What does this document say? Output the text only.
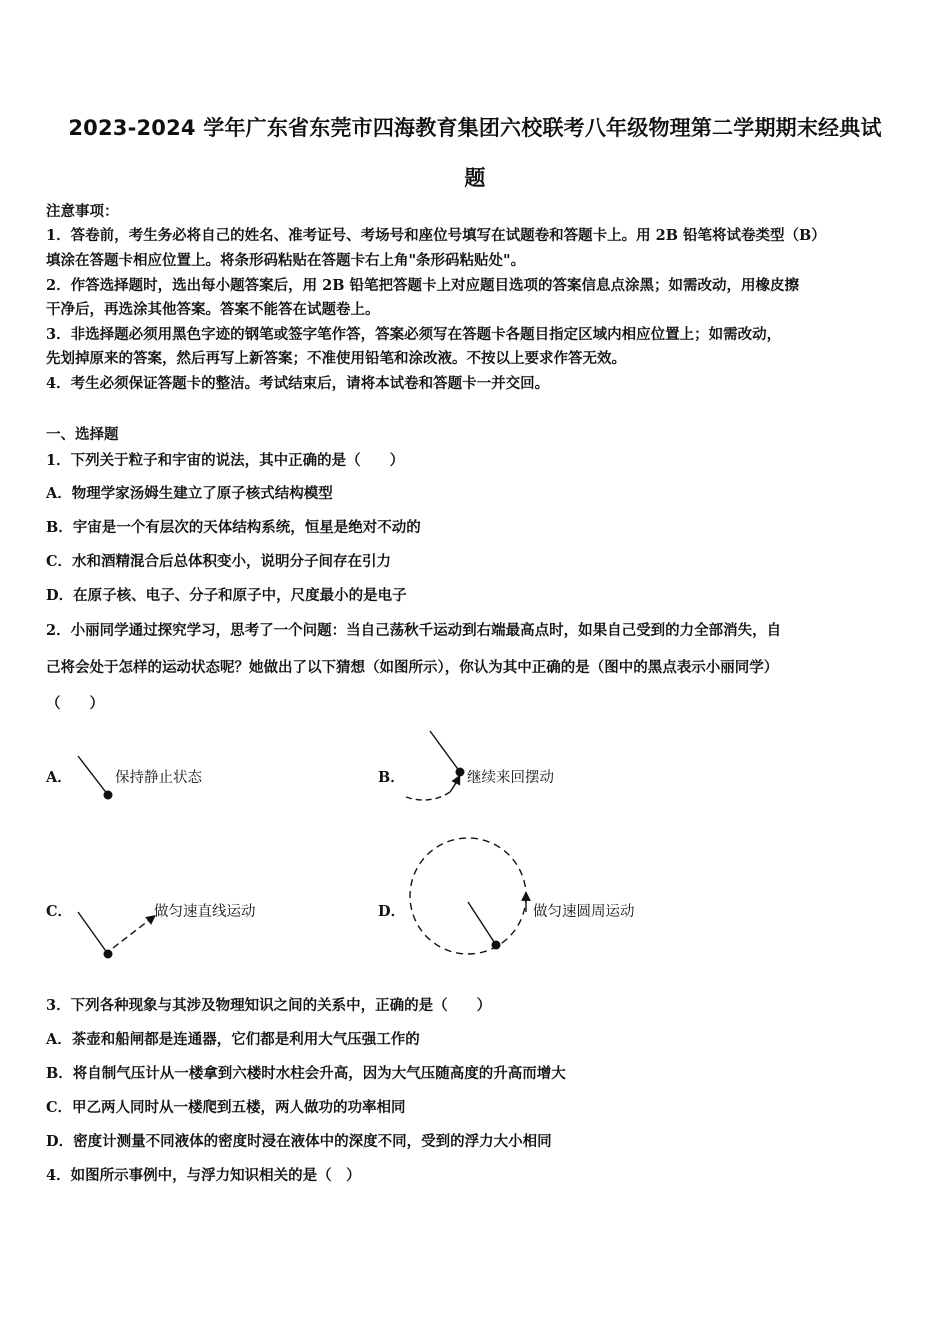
2023-2024 学年广东省东莞市四海教育集团六校联考八年级物理第二学期期末经典试
题
注意事项：
1．答卷前，考生务必将自己的姓名、准考证号、考场号和座位号填写在试题卷和答题卡上。用 2B 铅笔将试卷类型（B）
填涂在答题卡相应位置上。将条形码粘贴在答题卡右上角"条形码粘贴处"。
2．作答选择题时，选出每小题答案后，用 2B 铅笔把答题卡上对应题目选项的答案信息点涂黑；如需改动，用橡皮擦
干净后，再选涂其他答案。答案不能答在试题卷上。
3．非选择题必须用黑色字迹的钢笔或签字笔作答，答案必须写在答题卡各题目指定区域内相应位置上；如需改动，
先划掉原来的答案，然后再写上新答案；不准使用铅笔和涂改液。不按以上要求作答无效。
4．考生必须保证答题卡的整洁。考试结束后，请将本试卷和答题卡一并交回。
一、选择题
1．下列关于粒子和宇宙的说法，其中正确的是（　　）
A．物理学家汤姆生建立了原子核式结构模型
B．宇宙是一个有层次的天体结构系统，恒星是绝对不动的
C．水和酒精混合后总体积变小，说明分子间存在引力
D．在原子核、电子、分子和原子中，尺度最小的是电子
2．小丽同学通过探究学习，思考了一个问题：当自己荡秋千运动到右端最高点时，如果自己受到的力全部消失，自
己将会处于怎样的运动状态呢？她做出了以下猜想（如图所示），你认为其中正确的是（图中的黑点表示小丽同学）
（　　）
A．	保持静止状态	B．	继续来回摆动
C．	做匀速直线运动	D．	做匀速圆周运动
3．下列各种现象与其涉及物理知识之间的关系中，正确的是（　　）
A．茶壶和船闸都是连通器，它们都是利用大气压强工作的
B．将自制气压计从一楼拿到六楼时水柱会升高，因为大气压随高度的升高而增大
C．甲乙两人同时从一楼爬到五楼，两人做功的功率相同
D．密度计测量不同液体的密度时浸在液体中的深度不同，受到的浮力大小相同
4．如图所示事例中，与浮力知识相关的是（　）
